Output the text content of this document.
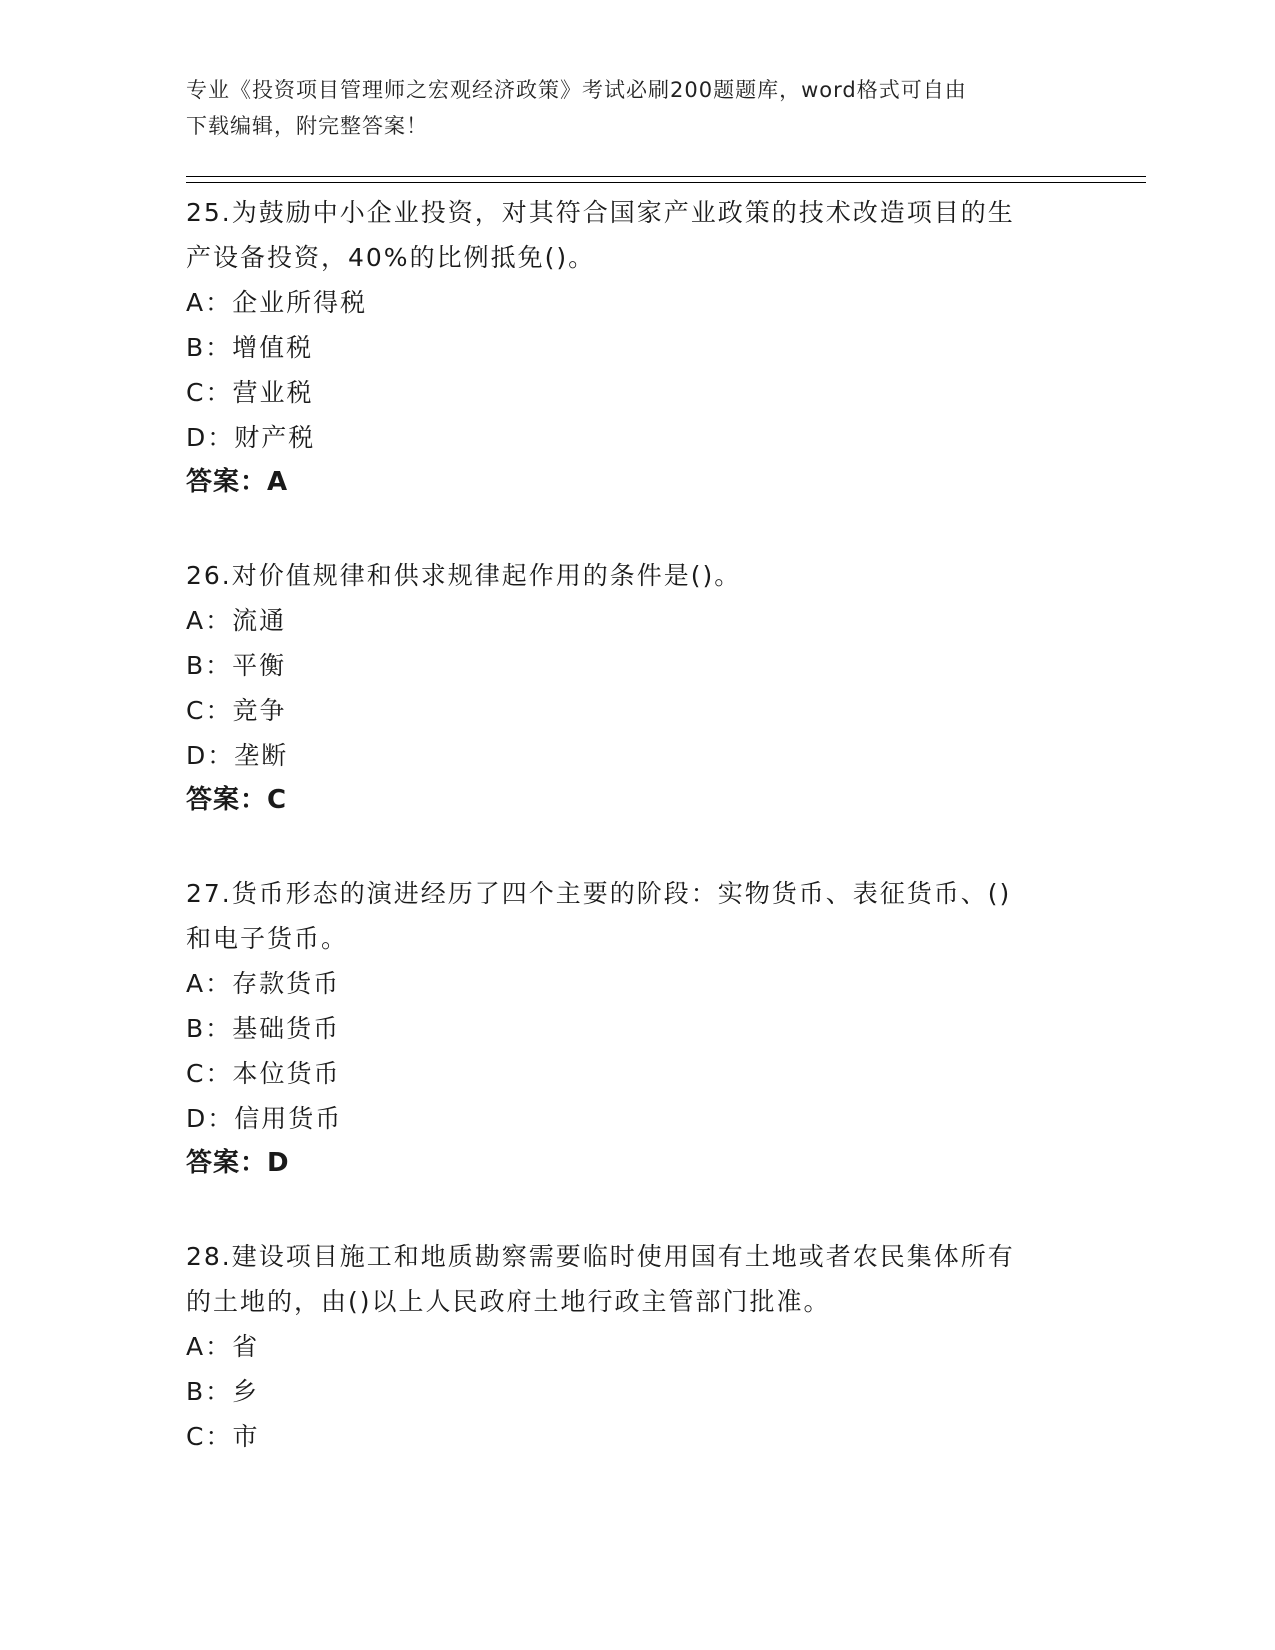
专业《投资项目管理师之宏观经济政策》考试必刷200题题库，word格式可自由
下载编辑，附完整答案！
25.为鼓励中小企业投资，对其符合国家产业政策的技术改造项目的生
产设备投资，40%的比例抵免()。
A：企业所得税
B：增值税
C：营业税
D：财产税
答案：A
26.对价值规律和供求规律起作用的条件是()。
A：流通
B：平衡
C：竞争
D：垄断
答案：C
27.货币形态的演进经历了四个主要的阶段：实物货币、表征货币、()
和电子货币。
A：存款货币
B：基础货币
C：本位货币
D：信用货币
答案：D
28.建设项目施工和地质勘察需要临时使用国有土地或者农民集体所有
的土地的，由()以上人民政府土地行政主管部门批准。
A：省
B：乡
C：市
